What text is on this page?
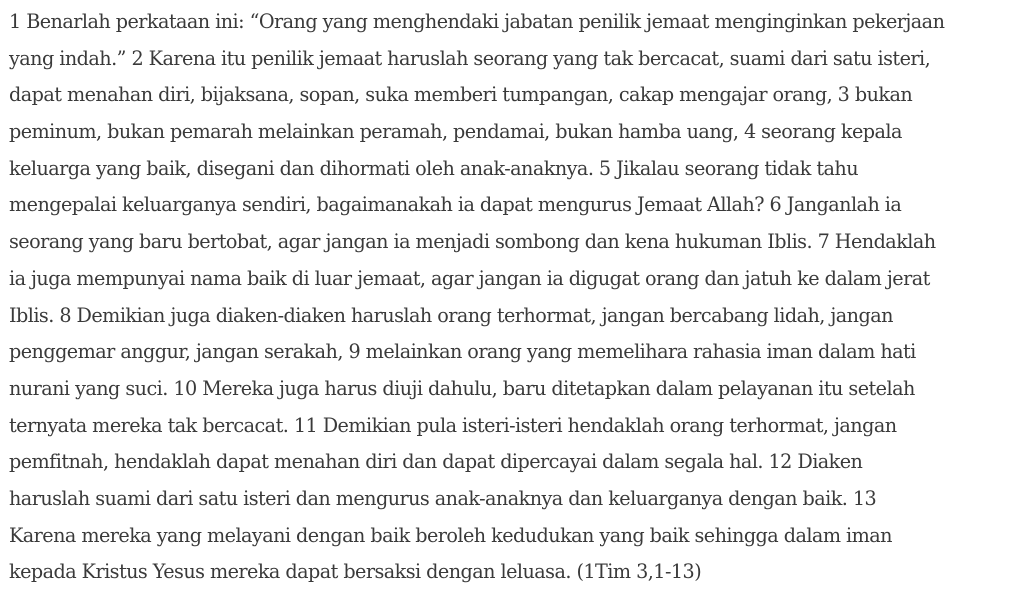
1 Benarlah perkataan ini: “Orang yang menghendaki jabatan penilik jemaat menginginkan pekerjaan
yang indah.” 2 Karena itu penilik jemaat haruslah seorang yang tak bercacat, suami dari satu isteri,
dapat menahan diri, bijaksana, sopan, suka memberi tumpangan, cakap mengajar orang, 3 bukan
peminum, bukan pemarah melainkan peramah, pendamai, bukan hamba uang, 4 seorang kepala
keluarga yang baik, disegani dan dihormati oleh anak-anaknya. 5 Jikalau seorang tidak tahu
mengepalai keluarganya sendiri, bagaimanakah ia dapat mengurus Jemaat Allah? 6 Janganlah ia
seorang yang baru bertobat, agar jangan ia menjadi sombong dan kena hukuman Iblis. 7 Hendaklah
ia juga mempunyai nama baik di luar jemaat, agar jangan ia digugat orang dan jatuh ke dalam jerat
Iblis. 8 Demikian juga diaken-diaken haruslah orang terhormat, jangan bercabang lidah, jangan
penggemar anggur, jangan serakah, 9 melainkan orang yang memelihara rahasia iman dalam hati
nurani yang suci. 10 Mereka juga harus diuji dahulu, baru ditetapkan dalam pelayanan itu setelah
ternyata mereka tak bercacat. 11 Demikian pula isteri-isteri hendaklah orang terhormat, jangan
pemfitnah, hendaklah dapat menahan diri dan dapat dipercayai dalam segala hal. 12 Diaken
haruslah suami dari satu isteri dan mengurus anak-anaknya dan keluarganya dengan baik. 13
Karena mereka yang melayani dengan baik beroleh kedudukan yang baik sehingga dalam iman
kepada Kristus Yesus mereka dapat bersaksi dengan leluasa. (1Tim 3,1-13)
